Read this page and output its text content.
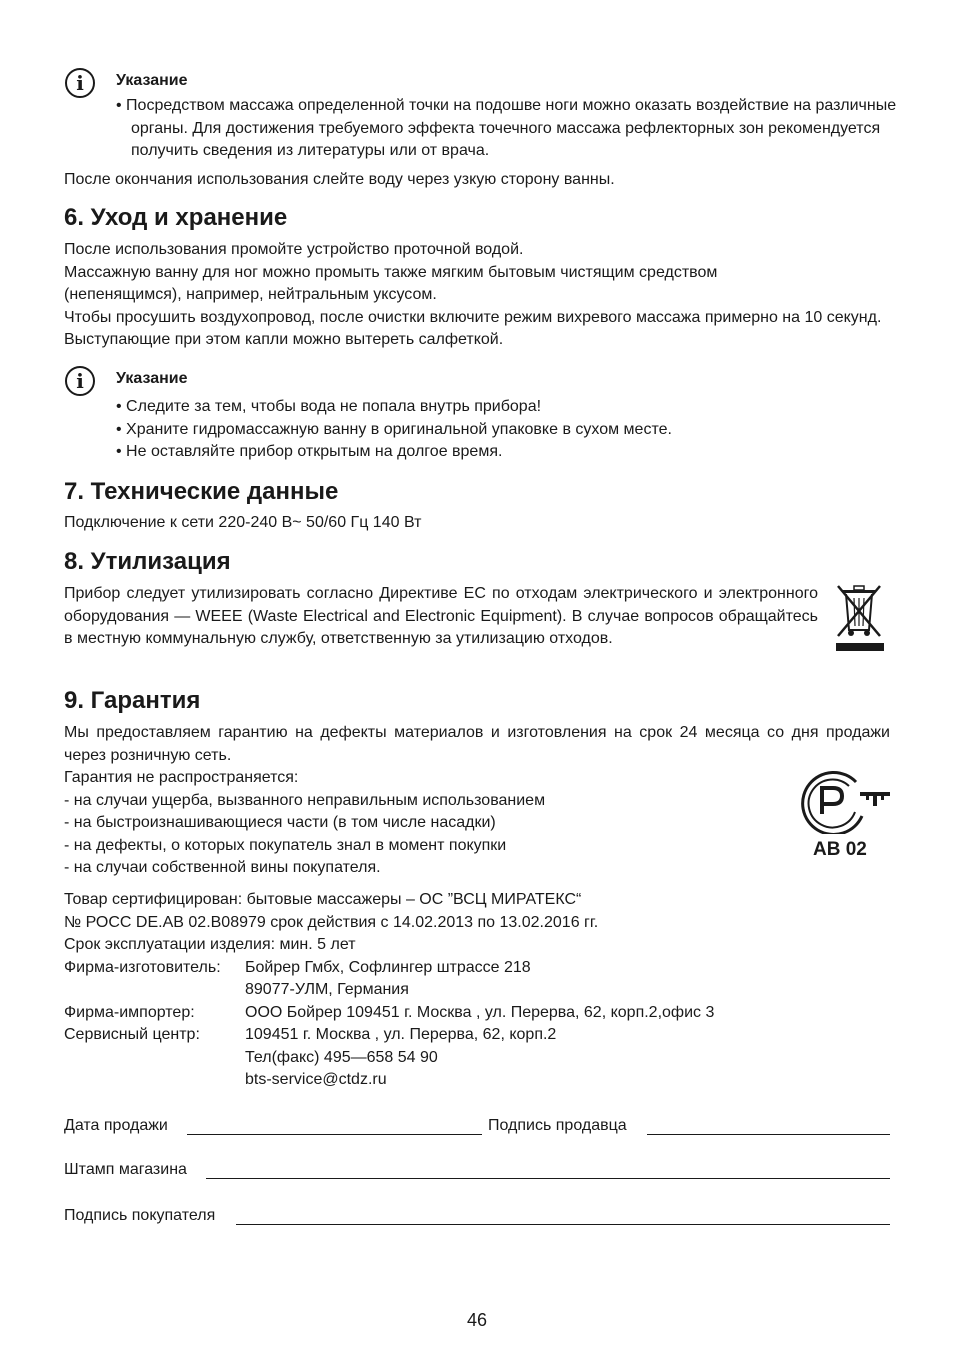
i	Указание
• Посредством массажа определенной точки на подошве ноги можно оказать воздействие на различные органы. Для достижения требуемого эффекта точечного массажа рефлекторных зон рекомендуется получить сведения из литературы или от врача.
После окончания использования слейте воду через узкую сторону ванны.
6. Уход и хранение
После использования промойте устройство проточной водой.
Массажную ванну для ног можно промыть также мягким бытовым чистящим средством (непенящимся), например, нейтральным уксусом.
Чтобы просушить воздухопровод, после очистки включите режим вихревого массажа примерно на 10 секунд. Выступающие при этом капли можно вытереть салфеткой.
i	Указание
• Следите за тем, чтобы вода не попала внутрь прибора!
• Храните гидромассажную ванну в оригинальной упаковке в сухом месте.
• Не оставляйте прибор открытым на долгое время.
7. Технические данные
Подключение к сети 220-240 В~ 50/60 Гц 140 Вт
8. Утилизация
Прибор следует утилизировать согласно Директиве ЕС по отходам электрического и электронного оборудования — WEEE (Waste Electrical and Electronic Equipment). В случае вопросов обращайтесь в местную коммунальную службу, ответственную за утилизацию отходов.
9. Гарантия
Мы предоставляем гарантию на дефекты материалов и изготовления на срок 24 месяца со дня продажи через розничную сеть.
Гарантия не распространяется:
- на случаи ущерба, вызванного неправильным использованием
- на быстроизнашивающиеся части (в том числе насадки)
- на дефекты, о которых покупатель знал в момент покупки
- на случаи собственной вины покупателя.
АВ 02
Товар сертифицирован: бытовые массажеры – ОС ”ВСЦ МИРАТЕКС“
№ РОСС DE.АВ 02.В08979 срок действия с 14.02.2013 по 13.02.2016 гг.
Срок эксплуатации изделия: мин. 5 лет
Фирма-изготовитель:	Бойрер Гмбх, Софлингер штрассе 218
89077-УЛМ, Германия
Фирма-импортер:	ООО Бойрер 109451 г. Москва , ул. Перерва, 62, корп.2,офис 3
Сервисный центр:	109451 г. Москва , ул. Перерва, 62, корп.2
Тел(факс) 495—658 54 90
bts-service@ctdz.ru
Дата продажи	Подпись продавца
Штамп магазина
Подпись покупателя
46
